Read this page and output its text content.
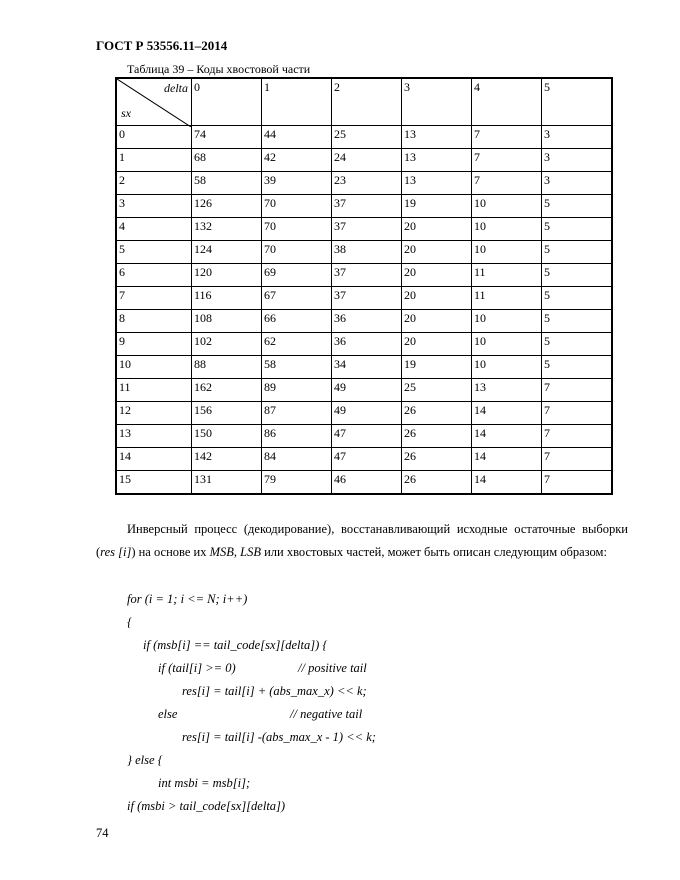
ГОСТ Р 53556.11–2014
Таблица 39 – Коды хвостовой части
delta
sx	0	1	2	3	4	5
0	74	44	25	13	7	3
1	68	42	24	13	7	3
2	58	39	23	13	7	3
3	126	70	37	19	10	5
4	132	70	37	20	10	5
5	124	70	38	20	10	5
6	120	69	37	20	11	5
7	116	67	37	20	11	5
8	108	66	36	20	10	5
9	102	62	36	20	10	5
10	88	58	34	19	10	5
11	162	89	49	25	13	7
12	156	87	49	26	14	7
13	150	86	47	26	14	7
14	142	84	47	26	14	7
15	131	79	46	26	14	7

Инверсный процесс (декодирование), восстанавливающий исходные остаточные выборки (res [i]) на основе их MSB, LSB или хвостовых частей, может быть описан следующим образом:

for (i = 1; i <= N; i++)
{
if (msb[i] == tail_code[sx][delta]) {
if (tail[i] >= 0)	// positive tail
res[i] = tail[i] + (abs_max_x) << k;
else	// negative tail
res[i] = tail[i] -(abs_max_x - 1) << k;
} else {
int msbi = msb[i];
if (msbi > tail_code[sx][delta])
74
